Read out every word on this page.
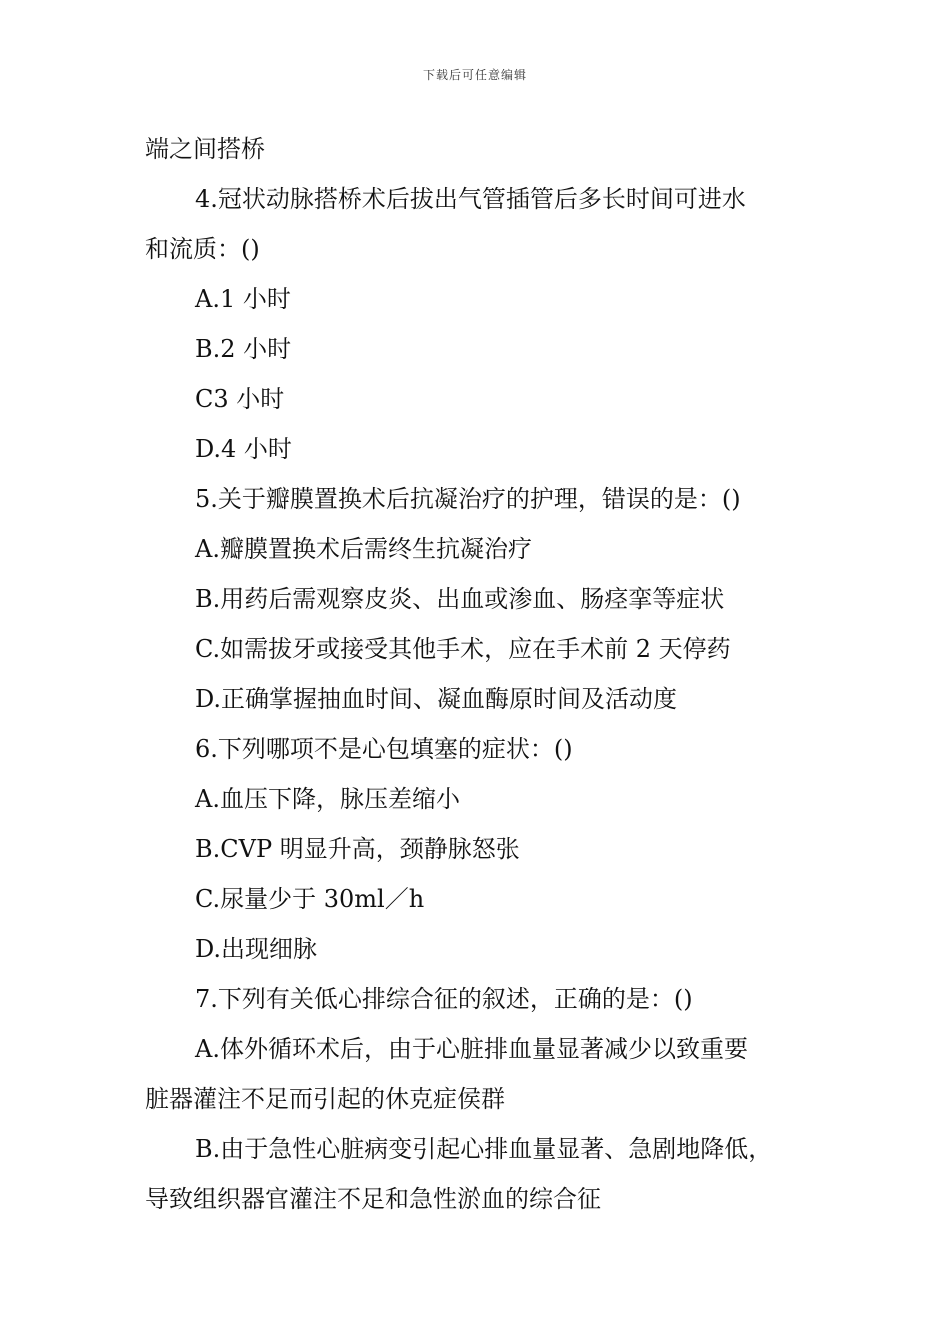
下载后可任意编辑
端之间搭桥
4.冠状动脉搭桥术后拔出气管插管后多长时间可进水
和流质：()
A.1 小时
B.2 小时
C3 小时
D.4 小时
5.关于瓣膜置换术后抗凝治疗的护理，错误的是：()
A.瓣膜置换术后需终生抗凝治疗
B.用药后需观察皮炎、出血或渗血、肠痉挛等症状
C.如需拔牙或接受其他手术，应在手术前 2 天停药
D.正确掌握抽血时间、凝血酶原时间及活动度
6.下列哪项不是心包填塞的症状：()
A.血压下降，脉压差缩小
B.CVP 明显升高，颈静脉怒张
C.尿量少于 30ml／h
D.出现细脉
7.下列有关低心排综合征的叙述，正确的是：()
A.体外循环术后，由于心脏排血量显著减少以致重要
脏器灌注不足而引起的休克症侯群
B.由于急性心脏病变引起心排血量显著、急剧地降低，
导致组织器官灌注不足和急性淤血的综合征
